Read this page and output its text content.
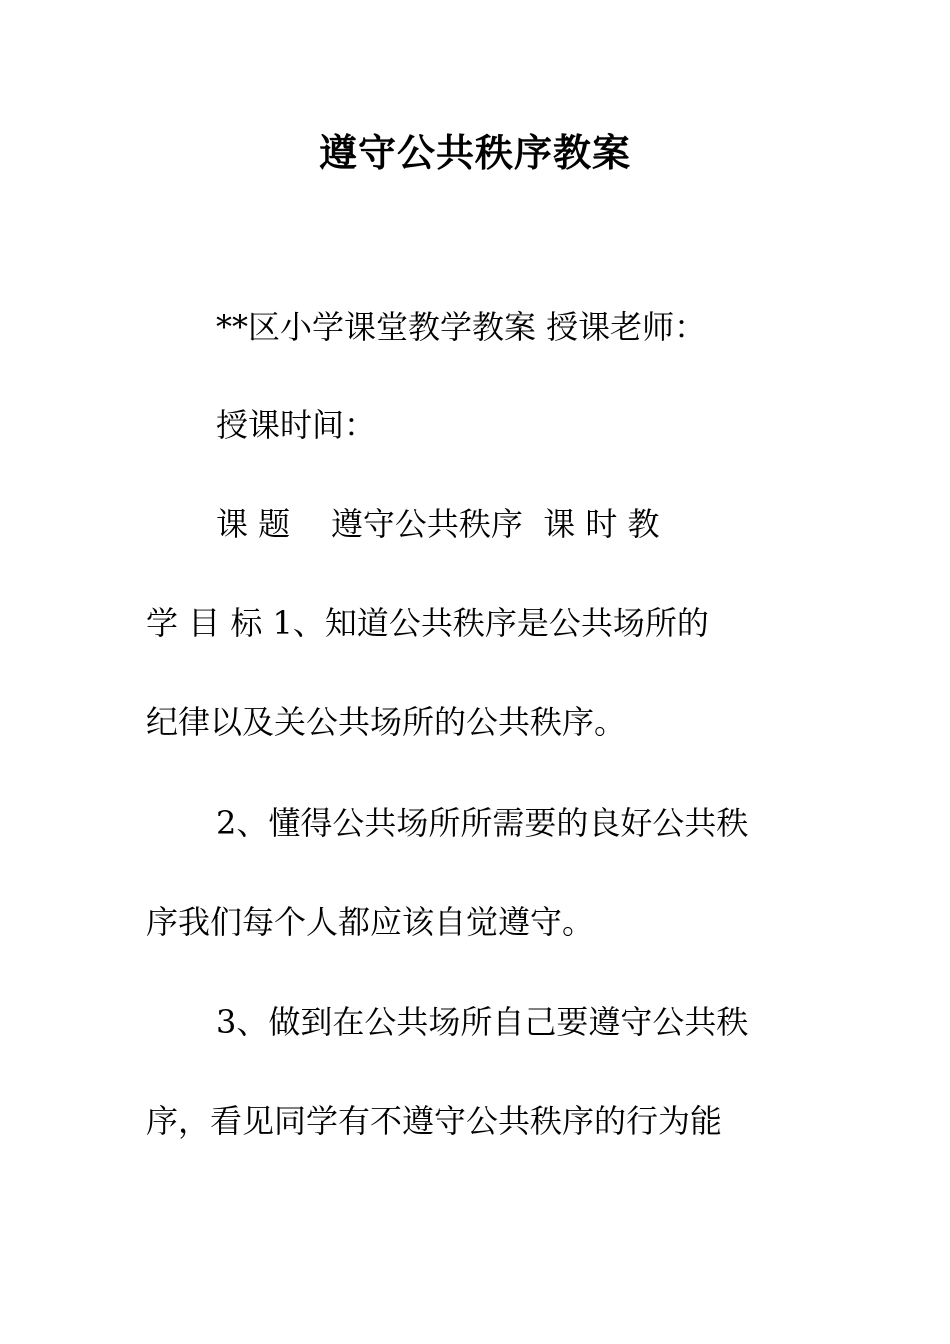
遵守公共秩序教案
**区小学课堂教学教案 授课老师：
授课时间：
课 题    遵守公共秩序  课 时 教
学 目 标 1、知道公共秩序是公共场所的
纪律以及关公共场所的公共秩序。
2、懂得公共场所所需要的良好公共秩
序我们每个人都应该自觉遵守。
3、做到在公共场所自己要遵守公共秩
序，看见同学有不遵守公共秩序的行为能
